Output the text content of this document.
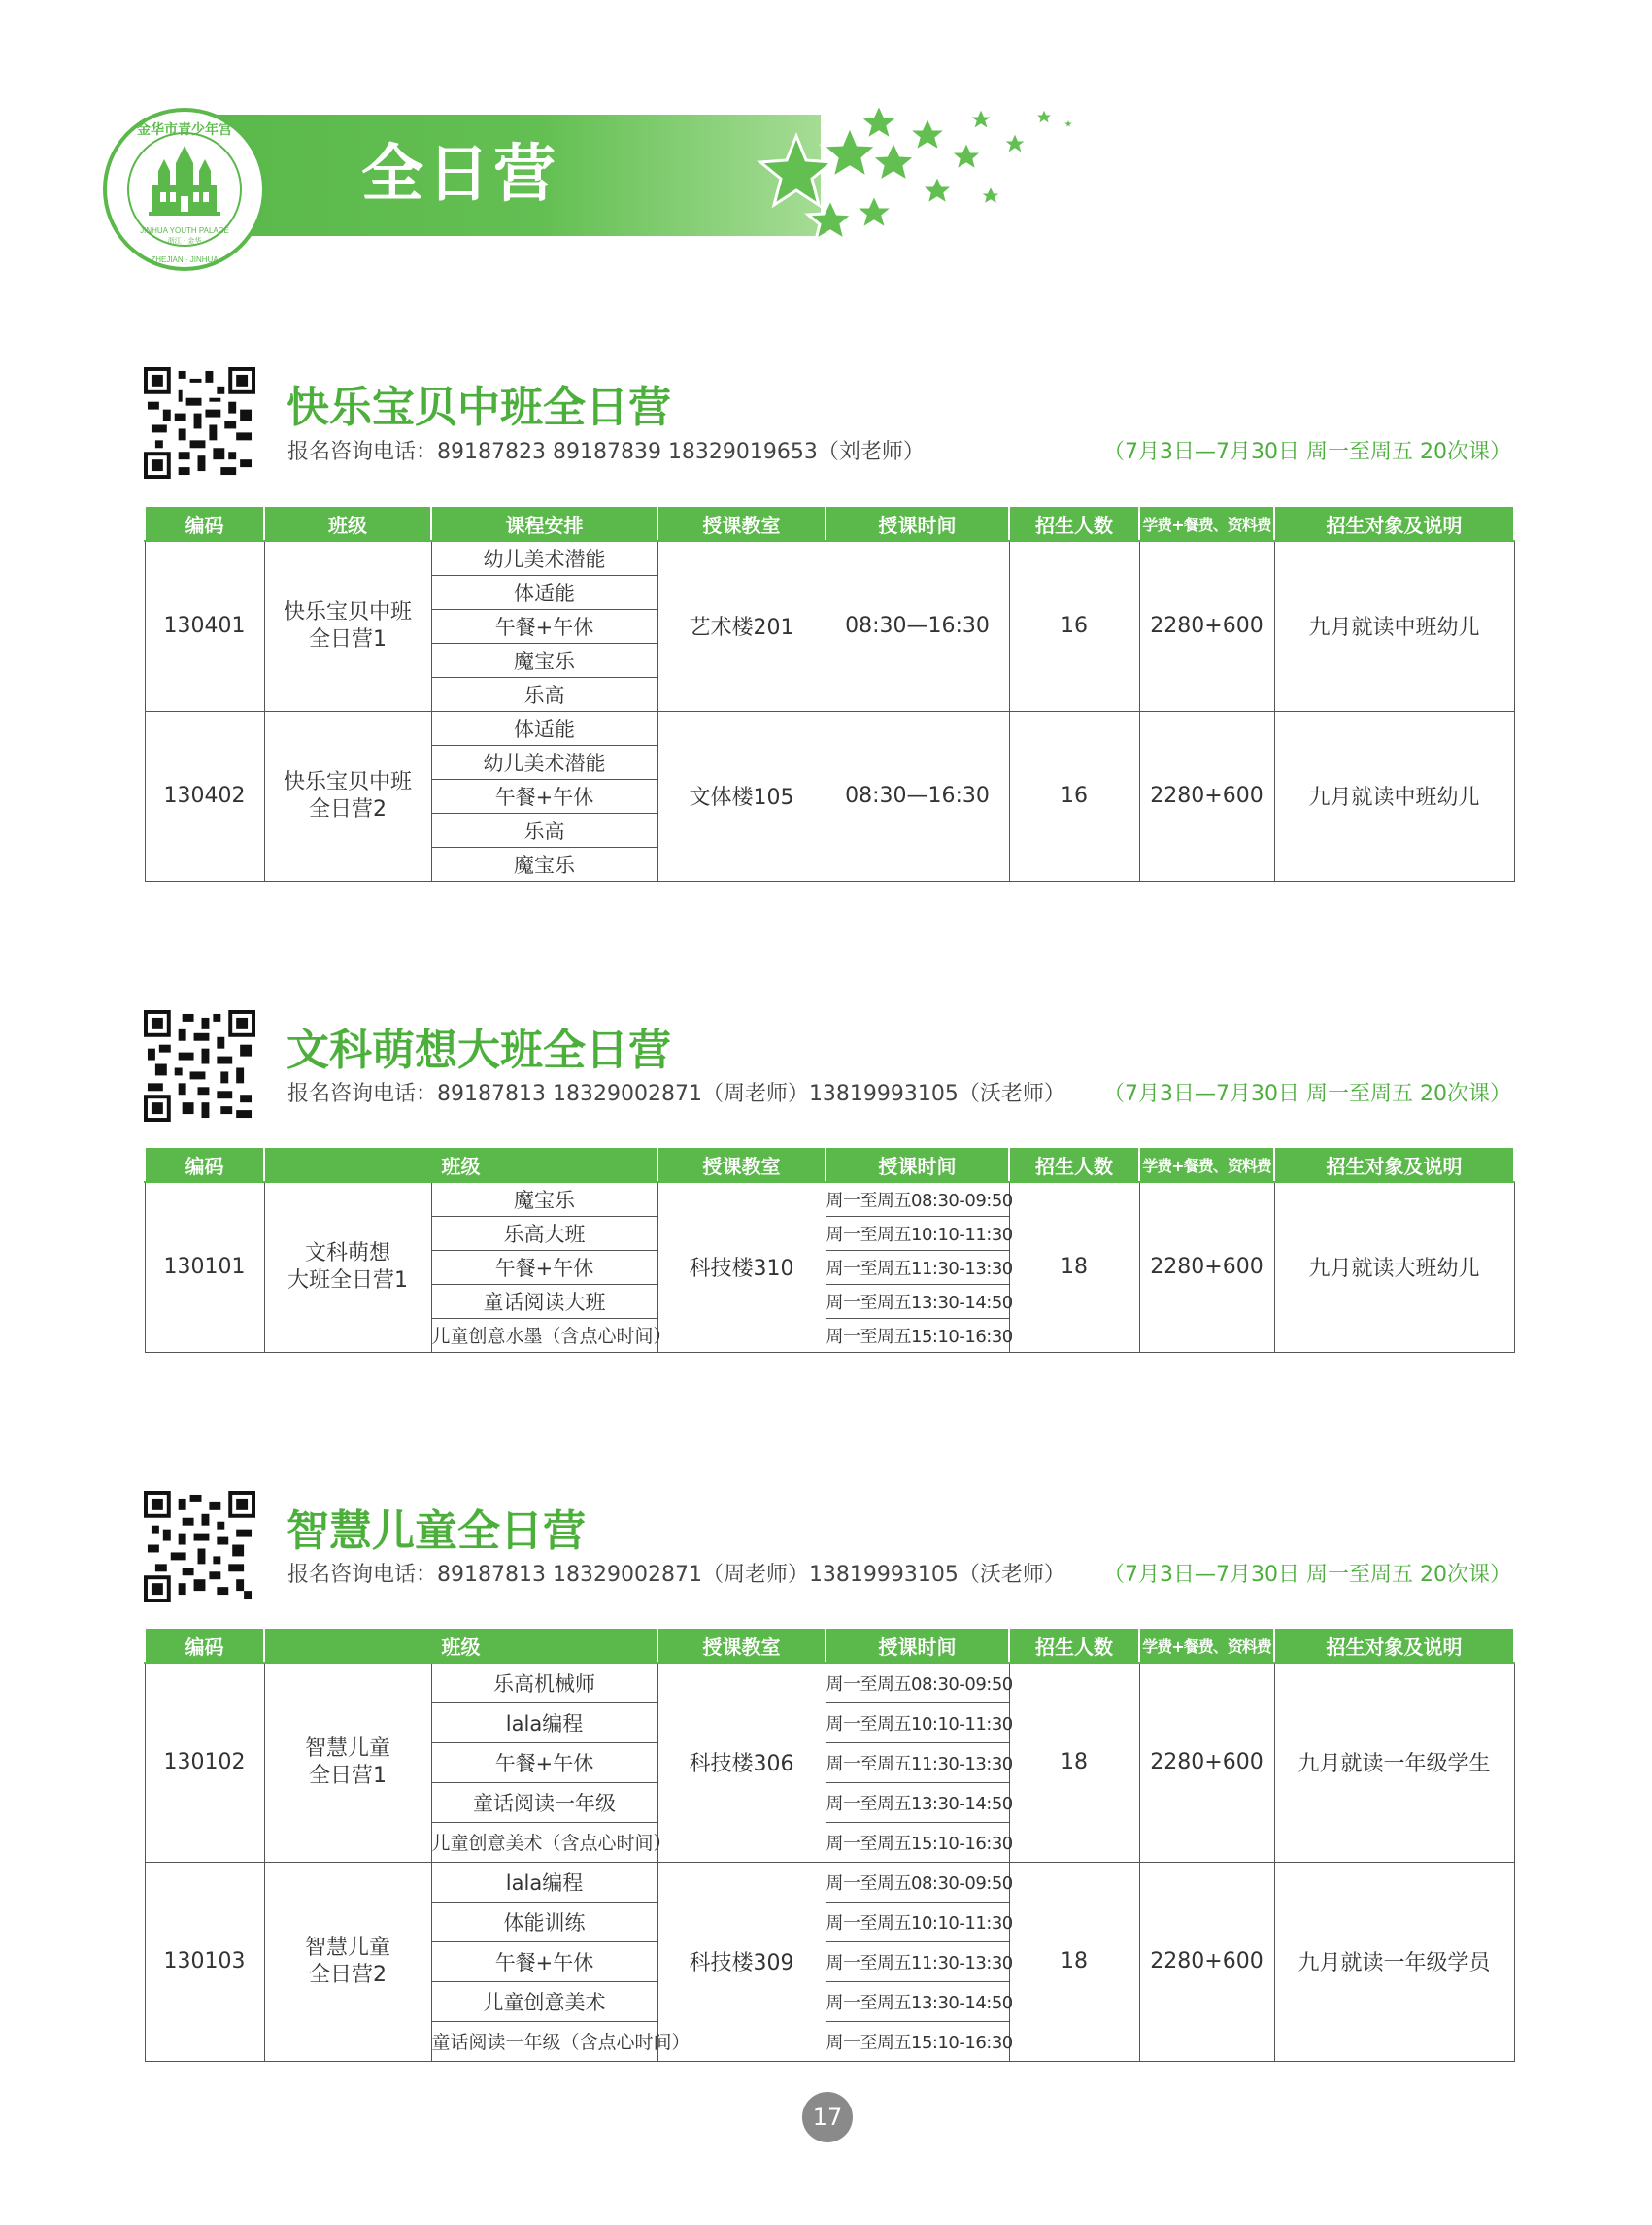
JINHUA YOUTH PALACE
浙江 · 金华
金华市青少年宫
ZHEJIAN · JINHUA
全日营
快乐宝贝中班全日营
报名咨询电话：89187823 89187839 18329019653（刘老师）	（7月3日—7月30日 周一至周五 20次课）
编码	班级	课程安排	授课教室	授课时间	招生人数	学费+餐费、资料费	招生对象及说明
130401	快乐宝贝中班
全日营1	幼儿美术潜能	艺术楼201	08:30—16:30	16	2280+600	九月就读中班幼儿
		体适能					
		午餐+午休					
		魔宝乐					
		乐高					
130402	快乐宝贝中班
全日营2	体适能	文体楼105	08:30—16:30	16	2280+600	九月就读中班幼儿
		幼儿美术潜能					
		午餐+午休					
		乐高					
		魔宝乐					
文科萌想大班全日营
报名咨询电话：89187813 18329002871（周老师）13819993105（沃老师） （7月3日—7月30日 周一至周五 20次课）
编码	班级		授课教室	授课时间	招生人数	学费+餐费、资料费	招生对象及说明
130101	文科萌想
大班全日营1	魔宝乐	科技楼310	周一至周五08:30-09:50	18	2280+600	九月就读大班幼儿
		乐高大班		周一至周五10:10-11:30			
		午餐+午休		周一至周五11:30-13:30			
		童话阅读大班		周一至周五13:30-14:50			
		儿童创意水墨（含点心时间）		周一至周五15:10-16:30			
智慧儿童全日营
报名咨询电话：89187813 18329002871（周老师）13819993105（沃老师） （7月3日—7月30日 周一至周五 20次课）
编码	班级		授课教室	授课时间	招生人数	学费+餐费、资料费	招生对象及说明
130102	智慧儿童
全日营1	乐高机械师	科技楼306	周一至周五08:30-09:50	18	2280+600	九月就读一年级学生
		lala编程		周一至周五10:10-11:30			
		午餐+午休		周一至周五11:30-13:30			
		童话阅读一年级		周一至周五13:30-14:50			
		儿童创意美术（含点心时间）		周一至周五15:10-16:30			
130103	智慧儿童
全日营2	lala编程	科技楼309	周一至周五08:30-09:50	18	2280+600	九月就读一年级学员
		体能训练		周一至周五10:10-11:30			
		午餐+午休		周一至周五11:30-13:30			
		儿童创意美术		周一至周五13:30-14:50			
		童话阅读一年级（含点心时间）		周一至周五15:10-16:30			
17
